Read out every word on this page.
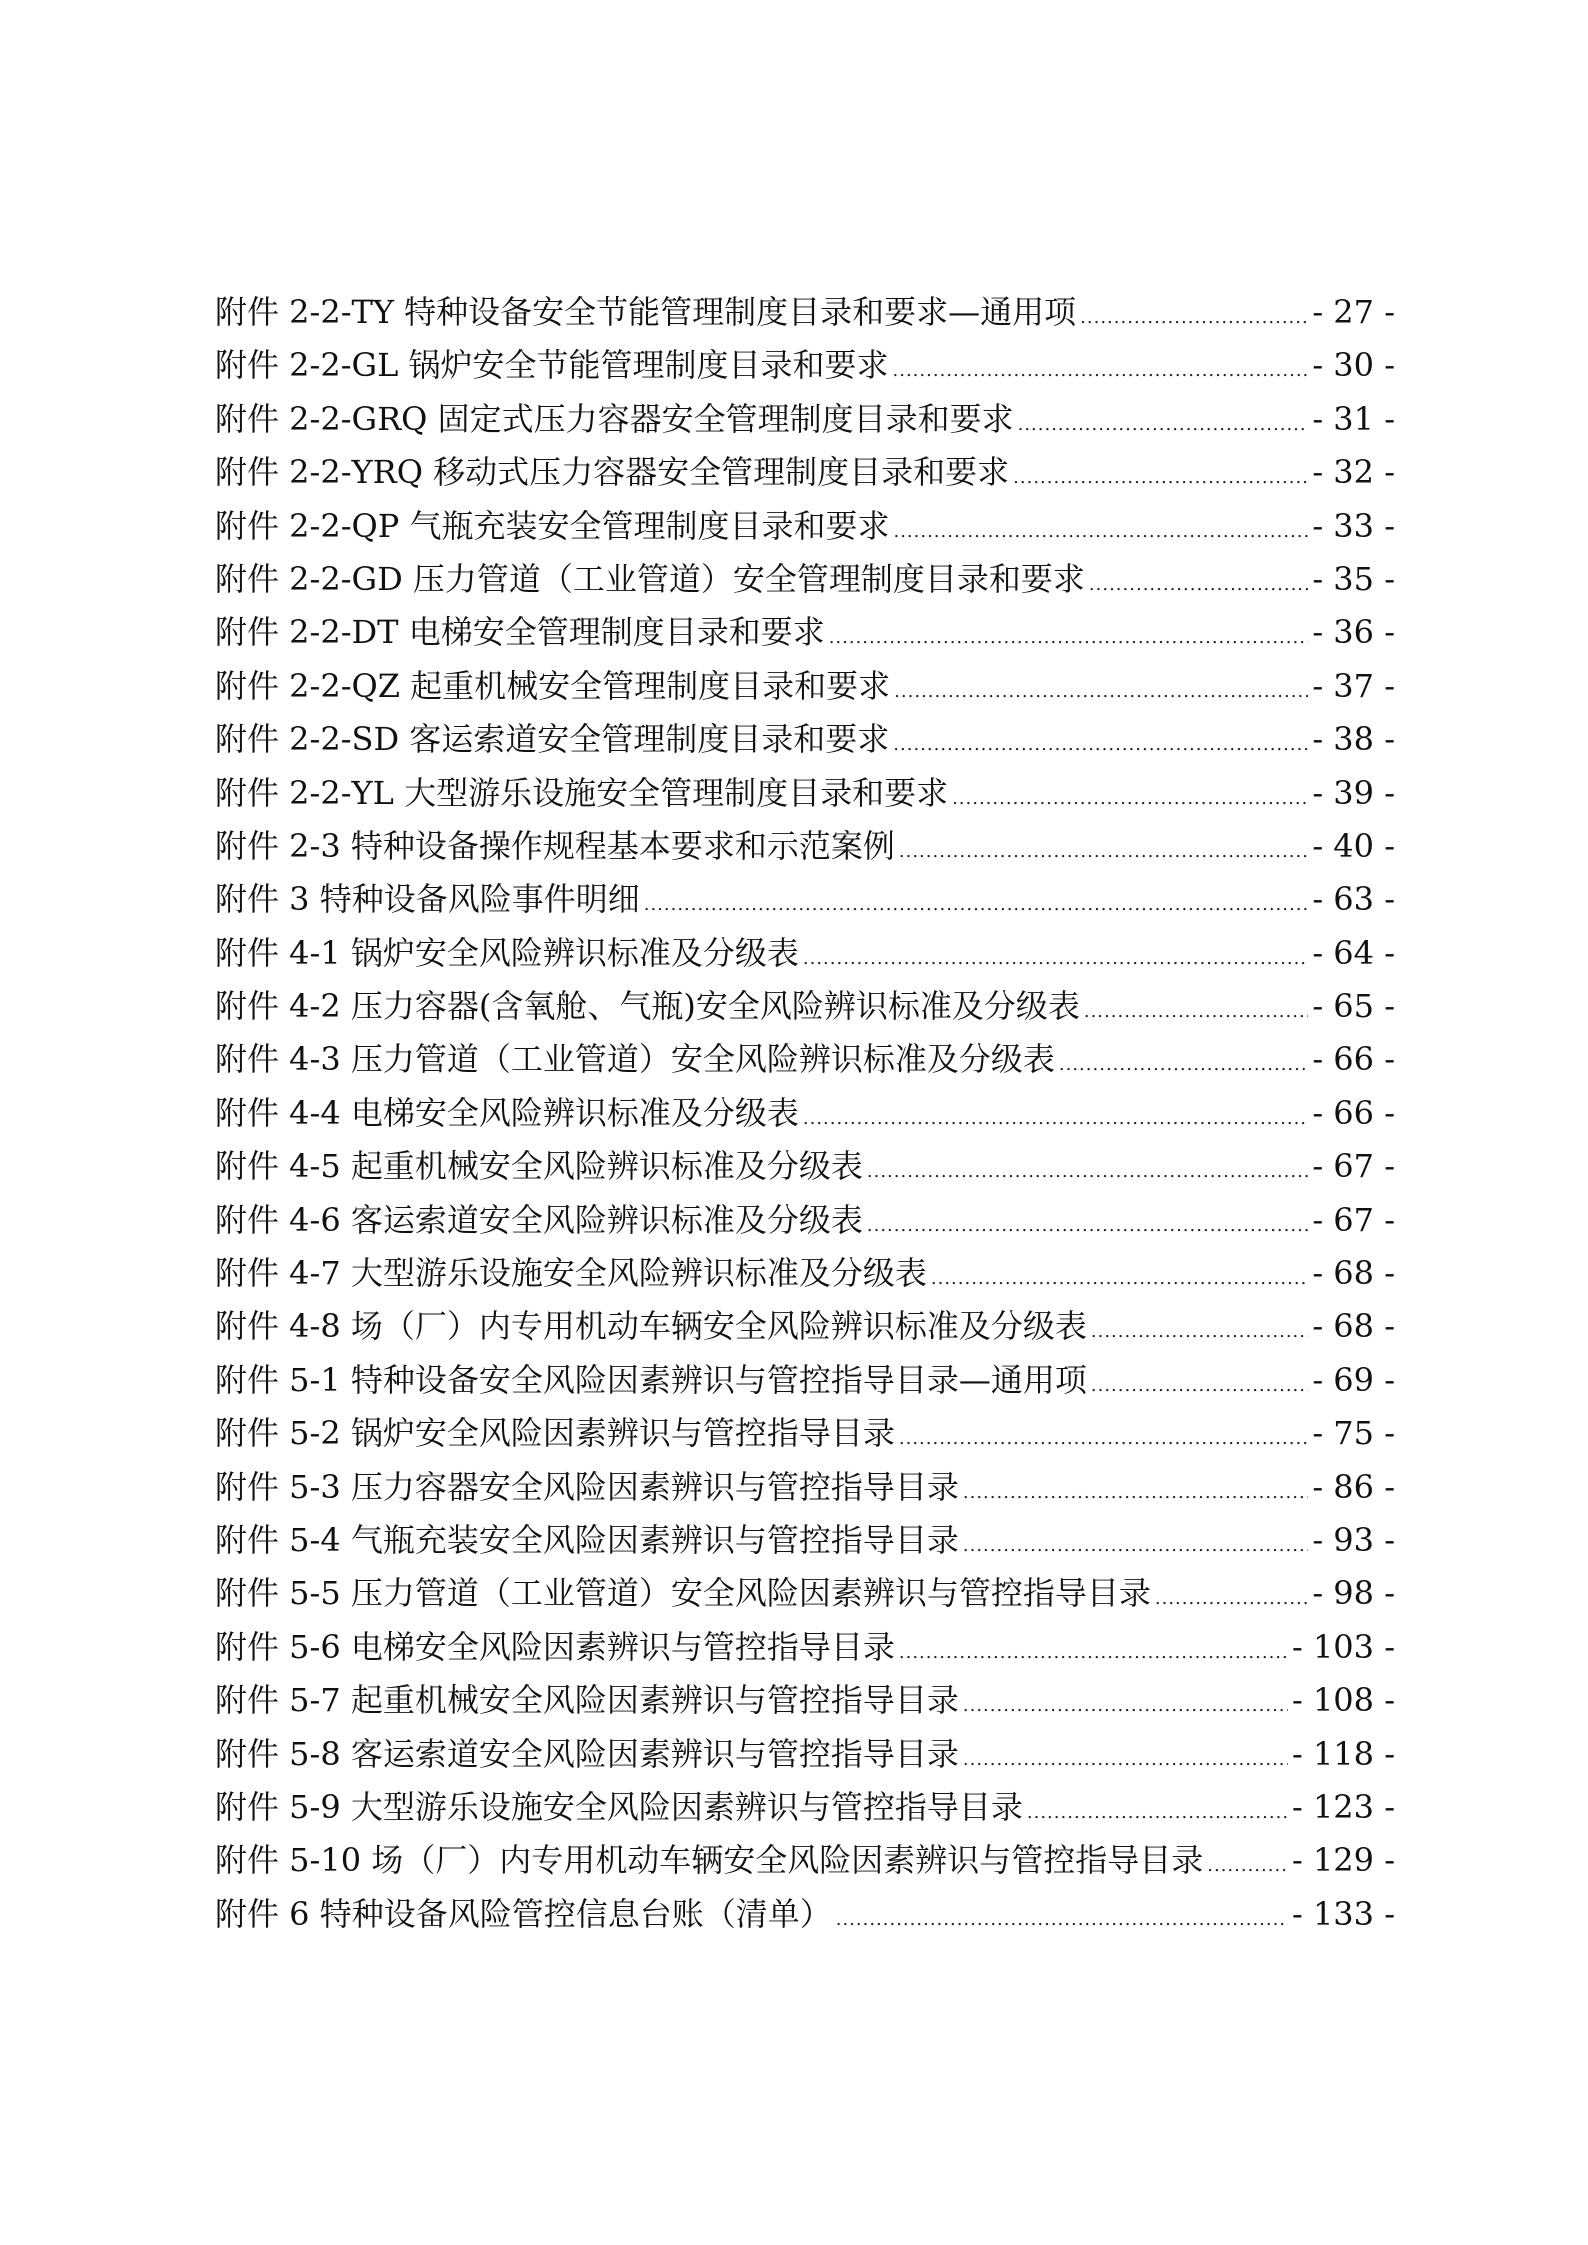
附件 2-2-TY 特种设备安全节能管理制度目录和要求—通用项 .....	- 27 -
附件 2-2-GL 锅炉安全节能管理制度目录和要求 .....	- 30 -
附件 2-2-GRQ 固定式压力容器安全管理制度目录和要求 .....	- 31 -
附件 2-2-YRQ 移动式压力容器安全管理制度目录和要求 .....	- 32 -
附件 2-2-QP 气瓶充装安全管理制度目录和要求 .....	- 33 -
附件 2-2-GD 压力管道（工业管道）安全管理制度目录和要求 .....	- 35 -
附件 2-2-DT 电梯安全管理制度目录和要求 .....	- 36 -
附件 2-2-QZ 起重机械安全管理制度目录和要求 .....	- 37 -
附件 2-2-SD 客运索道安全管理制度目录和要求 .....	- 38 -
附件 2-2-YL 大型游乐设施安全管理制度目录和要求 .....	- 39 -
附件 2-3 特种设备操作规程基本要求和示范案例 .....	- 40 -
附件 3 特种设备风险事件明细 .....	- 63 -
附件 4-1 锅炉安全风险辨识标准及分级表 .....	- 64 -
附件 4-2 压力容器(含氧舱、气瓶)安全风险辨识标准及分级表 .....	- 65 -
附件 4-3 压力管道（工业管道）安全风险辨识标准及分级表 .....	- 66 -
附件 4-4 电梯安全风险辨识标准及分级表 .....	- 66 -
附件 4-5 起重机械安全风险辨识标准及分级表 .....	- 67 -
附件 4-6 客运索道安全风险辨识标准及分级表 .....	- 67 -
附件 4-7 大型游乐设施安全风险辨识标准及分级表 .....	- 68 -
附件 4-8 场（厂）内专用机动车辆安全风险辨识标准及分级表 .....	- 68 -
附件 5-1 特种设备安全风险因素辨识与管控指导目录—通用项 .....	- 69 -
附件 5-2 锅炉安全风险因素辨识与管控指导目录 .....	- 75 -
附件 5-3 压力容器安全风险因素辨识与管控指导目录 .....	- 86 -
附件 5-4 气瓶充装安全风险因素辨识与管控指导目录 .....	- 93 -
附件 5-5 压力管道（工业管道）安全风险因素辨识与管控指导目录 .....	- 98 -
附件 5-6 电梯安全风险因素辨识与管控指导目录 .....	- 103 -
附件 5-7 起重机械安全风险因素辨识与管控指导目录 .....	- 108 -
附件 5-8 客运索道安全风险因素辨识与管控指导目录 .....	- 118 -
附件 5-9 大型游乐设施安全风险因素辨识与管控指导目录 .....	- 123 -
附件 5-10 场（厂）内专用机动车辆安全风险因素辨识与管控指导目录 .....	- 129 -
附件 6 特种设备风险管控信息台账（清单） .....	- 133 -
